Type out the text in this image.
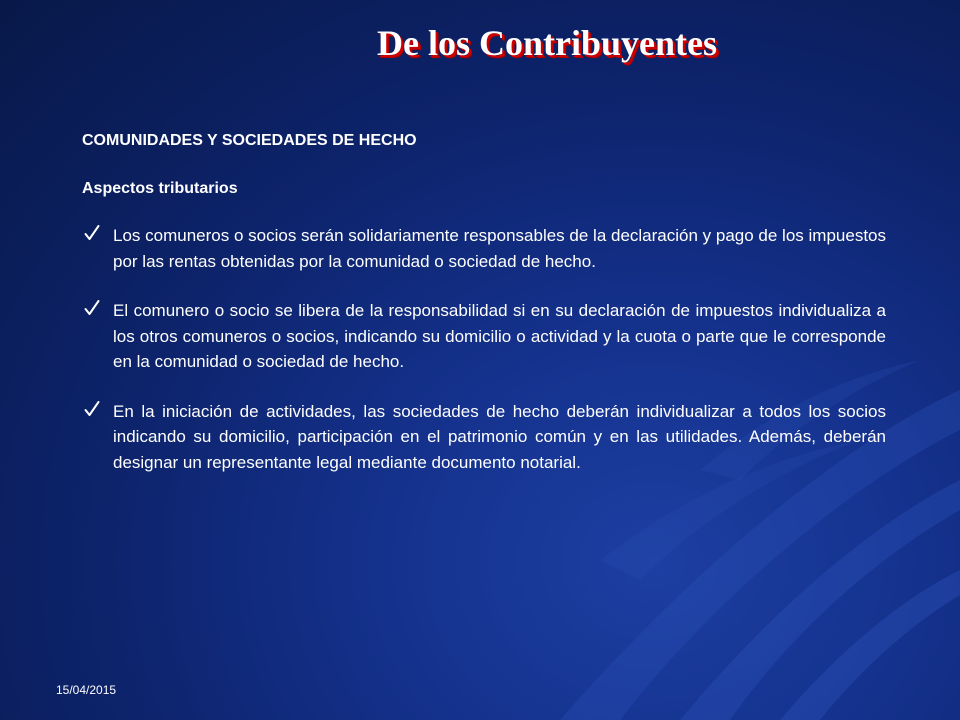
De los Contribuyentes

COMUNIDADES Y SOCIEDADES DE HECHO

Aspectos tributarios

Los comuneros o socios serán solidariamente responsables de la declaración y pago de los impuestos por las rentas obtenidas por la comunidad o sociedad de hecho.
El comunero o socio se libera de la responsabilidad si en su declaración de impuestos individualiza a los otros comuneros o socios, indicando su domicilio o actividad y la cuota o parte que le corresponde en la comunidad o sociedad de hecho.
En la iniciación de actividades, las sociedades de hecho deberán individualizar a todos los socios indicando su domicilio, participación en el patrimonio común y en las utilidades. Además, deberán designar un representante legal mediante documento notarial.
15/04/2015
